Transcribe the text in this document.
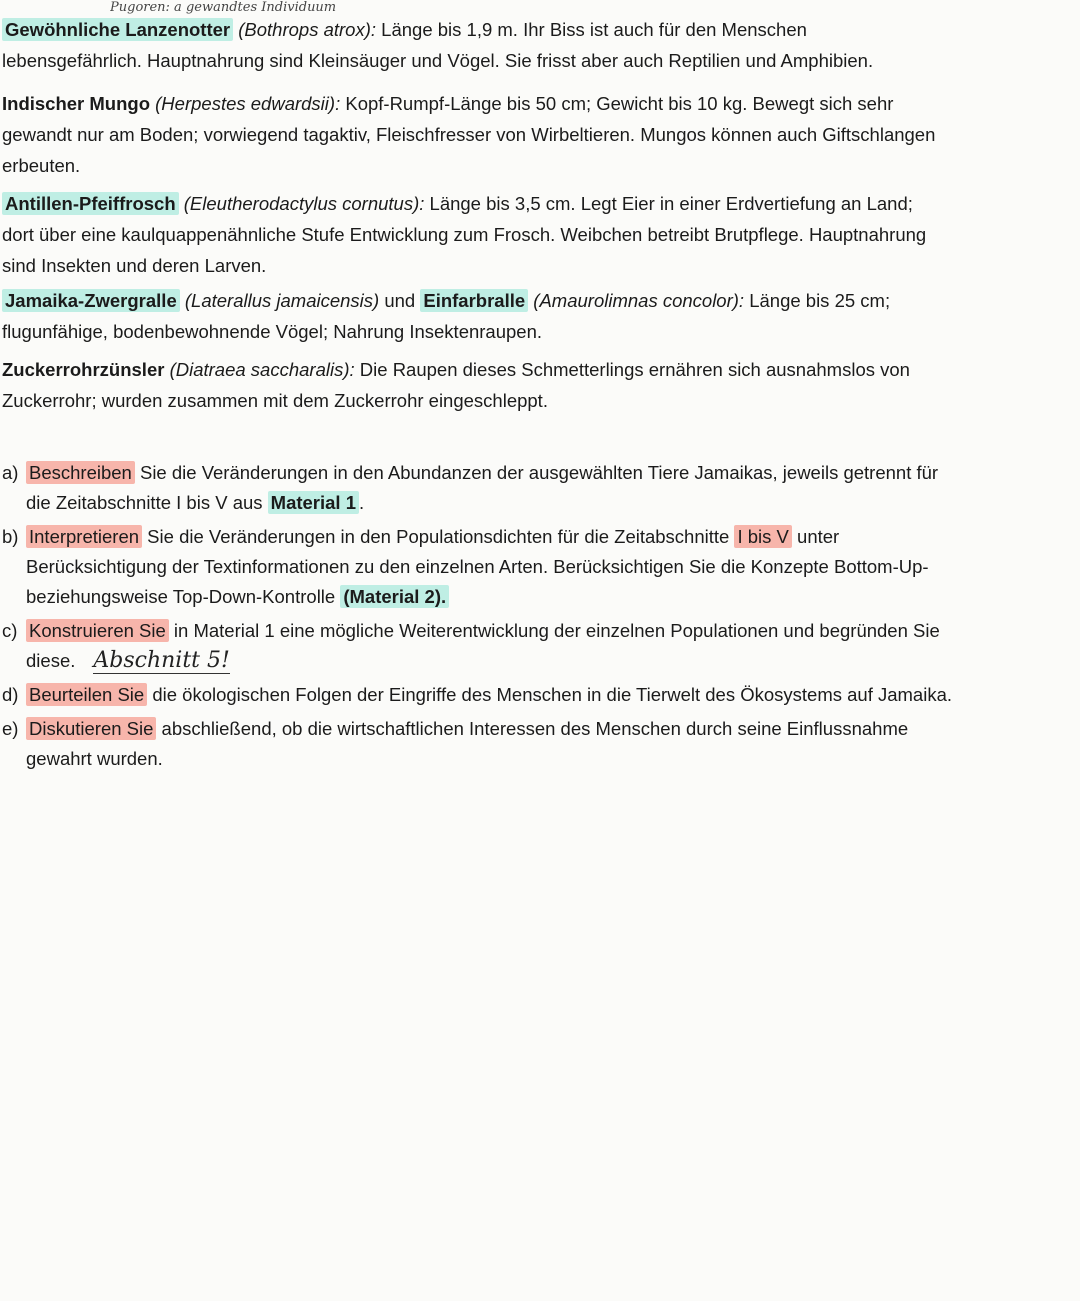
Pugoren: a gewandtes Individuum

Gewöhnliche Lanzenotter (Bothrops atrox): Länge bis 1,9 m. Ihr Biss ist auch für den Menschen lebensgefährlich. Hauptnahrung sind Kleinsäuger und Vögel. Sie frisst aber auch Reptilien und Amphibien.

Indischer Mungo (Herpestes edwardsii): Kopf-Rumpf-Länge bis 50 cm; Gewicht bis 10 kg. Bewegt sich sehr gewandt nur am Boden; vorwiegend tagaktiv, Fleischfresser von Wirbeltieren. Mungos können auch Giftschlangen erbeuten.

Antillen-Pfeiffrosch (Eleutherodactylus cornutus): Länge bis 3,5 cm. Legt Eier in einer Erdvertiefung an Land; dort über eine kaulquappenähnliche Stufe Entwicklung zum Frosch. Weibchen betreibt Brutpflege. Hauptnahrung sind Insekten und deren Larven.

Jamaika-Zwergralle (Laterallus jamaicensis) und Einfarbralle (Amaurolimnas concolor): Länge bis 25 cm; flugunfähige, bodenbewohnende Vögel; Nahrung Insektenraupen.

Zuckerrohrzünsler (Diatraea saccharalis): Die Raupen dieses Schmetterlings ernähren sich ausnahmslos von Zuckerrohr; wurden zusammen mit dem Zuckerrohr eingeschleppt.

a) Beschreiben Sie die Veränderungen in den Abundanzen der ausgewählten Tiere Jamaikas, jeweils getrennt für die Zeitabschnitte I bis V aus Material 1 .
b) Interpretieren Sie die Veränderungen in den Populationsdichten für die Zeitabschnitte I bis V unter Berücksichtigung der Textinformationen zu den einzelnen Arten. Berücksichtigen Sie die Konzepte Bottom-Up- beziehungsweise Top-Down-Kontrolle (Material 2).
c) Konstruieren Sie in Material 1 eine mögliche Weiterentwicklung der einzelnen Populationen und begründen Sie diese. Abschnitt 5!
d) Beurteilen Sie die ökologischen Folgen der Eingriffe des Menschen in die Tierwelt des Ökosystems auf Jamaika.
e) Diskutieren Sie abschließend, ob die wirtschaftlichen Interessen des Menschen durch seine Einflussnahme gewahrt wurden.
